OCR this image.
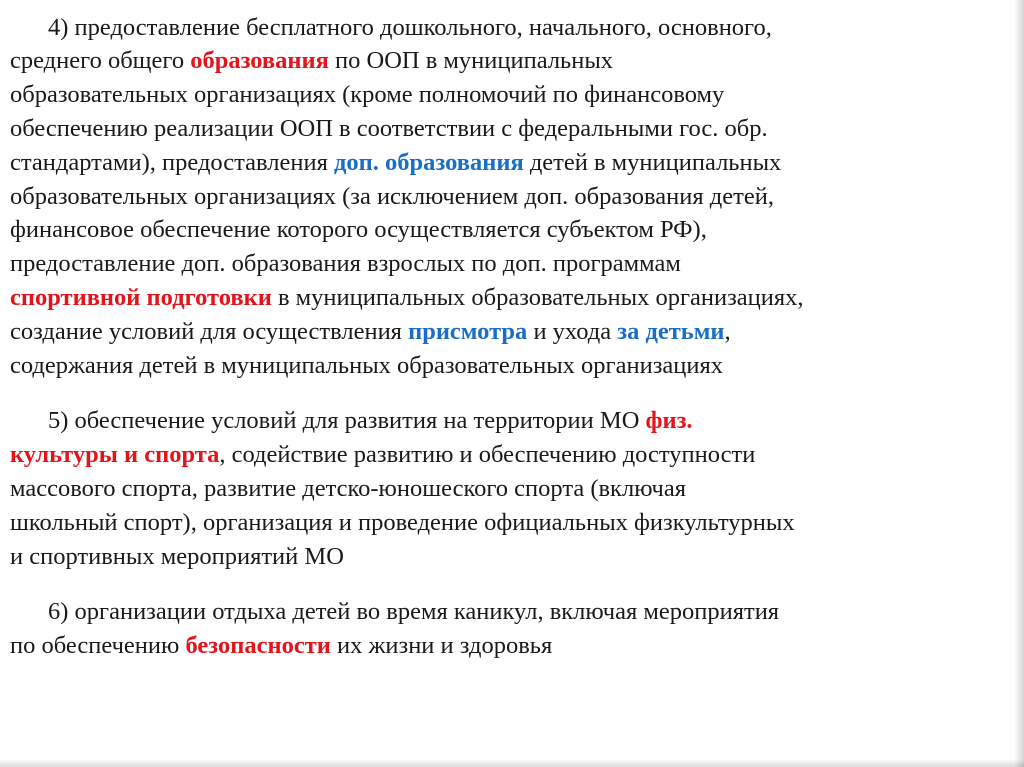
4) предоставление бесплатного дошкольного, начального, основного,
среднего общего образования по ООП в муниципальных
образовательных организациях (кроме полномочий по финансовому
обеспечению реализации ООП в соответствии с федеральными гос. обр.
стандартами), предоставления доп. образования детей в муниципальных
образовательных организациях (за исключением доп. образования детей,
финансовое обеспечение которого осуществляется субъектом РФ),
предоставление доп. образования взрослых по доп. программам
спортивной подготовки в муниципальных образовательных организациях,
создание условий для осуществления присмотра и ухода за детьми,
содержания детей в муниципальных образовательных организациях
5) обеспечение условий для развития на территории МО физ.
культуры и спорта, содействие развитию и обеспечению доступности
массового спорта, развитие детско-юношеского спорта (включая
школьный спорт), организация и проведение официальных физкультурных
и спортивных мероприятий МО
6) организации отдыха детей во время каникул, включая мероприятия
по обеспечению безопасности их жизни и здоровья
